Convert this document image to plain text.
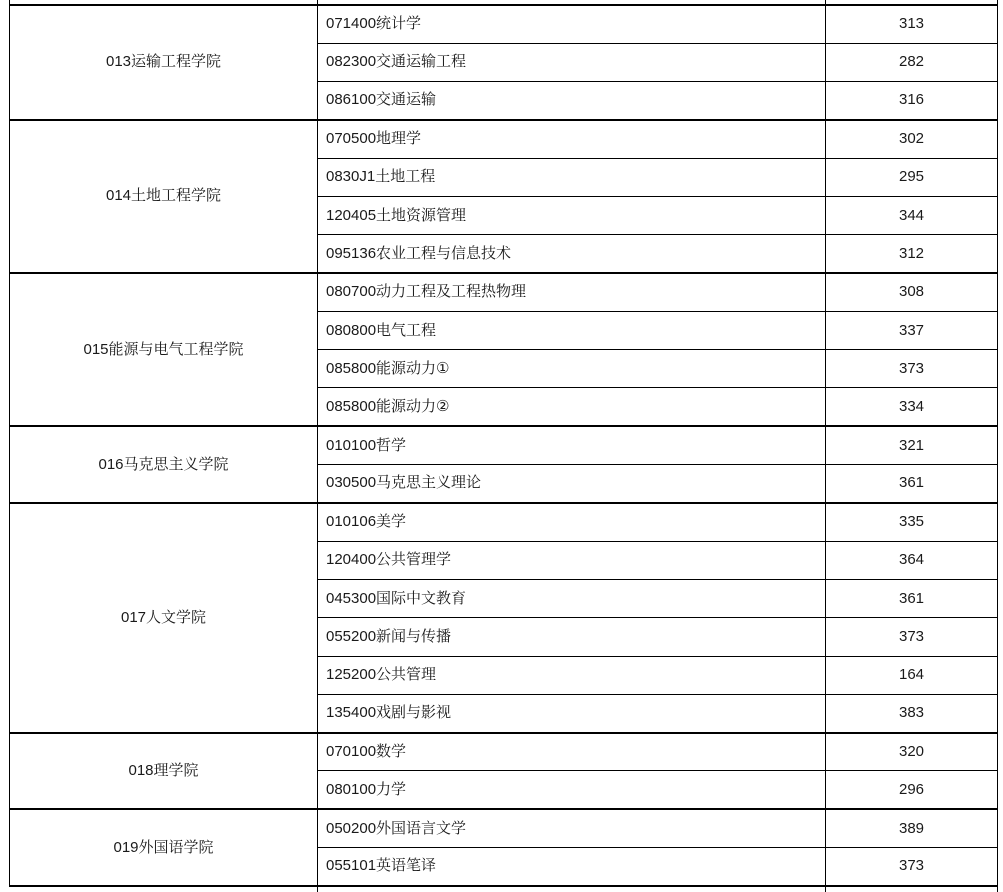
013运输工程学院	071400统计学	313
	082300交通运输工程	282
	086100交通运输	316
014土地工程学院	070500地理学	302
	0830J1土地工程	295
	120405土地资源管理	344
	095136农业工程与信息技术	312
015能源与电气工程学院	080700动力工程及工程热物理	308
	080800电气工程	337
	085800能源动力①	373
	085800能源动力②	334
016马克思主义学院	010100哲学	321
	030500马克思主义理论	361
017人文学院	010106美学	335
	120400公共管理学	364
	045300国际中文教育	361
	055200新闻与传播	373
	125200公共管理	164
	135400戏剧与影视	383
018理学院	070100数学	320
	080100力学	296
019外国语学院	050200外国语言文学	389
	055101英语笔译	373
